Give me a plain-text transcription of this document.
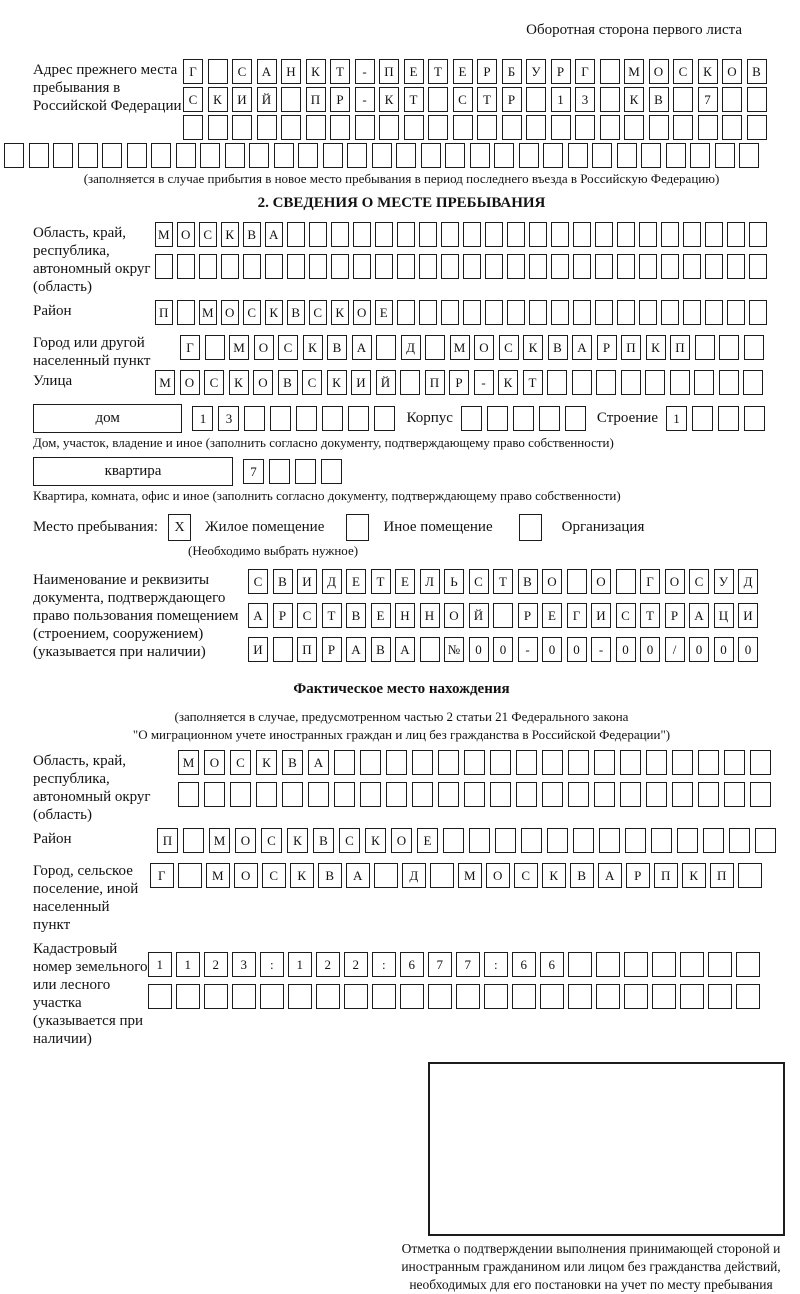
Оборотная сторона первого листа
Адрес прежнего места пребывания в Российской Федерации
Г	С	А	Н	К	Т	-	П	Е	Т	Е	Р	Б	У	Р	Г	М	О	С	К	О	В
С	К	И	Й	П	Р	-	К	Т	С	Т	Р	1	3	К	В	7
(заполняется в случае прибытия в новое место пребывания в период последнего въезда в Российскую Федерацию)
2. СВЕДЕНИЯ О МЕСТЕ ПРЕБЫВАНИЯ
Область, край, республика, автономный округ (область)
М О С	К	В А
Район	П	М О С	К	В	С	К О	Е
Город или другой населенный пункт
Г	М	О	С	К	В	А	Д	М	О	С	К	В	А	Р	П	К	П
Улица	М	О	С	К	О	В	С	К	И	Й	П	Р	-	К	Т
дом	1	3	Корпус	Строение	1
Дом, участок, владение и иное (заполнить согласно документу, подтверждающему право собственности)
квартира	7
Квартира, комната, офис и иное (заполнить согласно документу, подтверждающему право собственности)
Место пребывания:	X	Жилое помещение	Иное помещение	Организация
(Необходимо выбрать нужное)
Наименование и реквизиты документа, подтверждающего право пользования помещением (строением, сооружением) (указывается при наличии)
С	В	И	Д	Е	Т	Е	Л	Ь	С	Т	В	О	О	Г	О	С	У	Д
А	Р	С	Т	В	Е	Н	Н	О	Й	Р	Е	Г	И	С	Т	Р	А	Ц	И
И	П	Р	А	В	А	№	0	0	-	0	0	-	0	0	/	0	0	0
Фактическое место нахождения
(заполняется в случае, предусмотренном частью 2 статьи 21 Федерального закона
"О миграционном учете иностранных граждан и лиц без гражданства в Российской Федерации")
Область, край, республика, автономный округ (область)
М	О	С	К	В	А
Район	П	М	О	С	К	В	С	К	О	Е
Город, сельское поселение, иной населенный пункт
Г	М	О	С	К	В	А	Д	М	О	С	К	В	А	Р	П	К	П
Кадастровый номер земельного или лесного участка (указывается при наличии)
1	1	2	3	:	1	2	2	:	6	7	7	:	6	6
Отметка о подтверждении выполнения принимающей стороной и иностранным гражданином или лицом без гражданства действий, необходимых для его постановки на учет по месту пребывания
